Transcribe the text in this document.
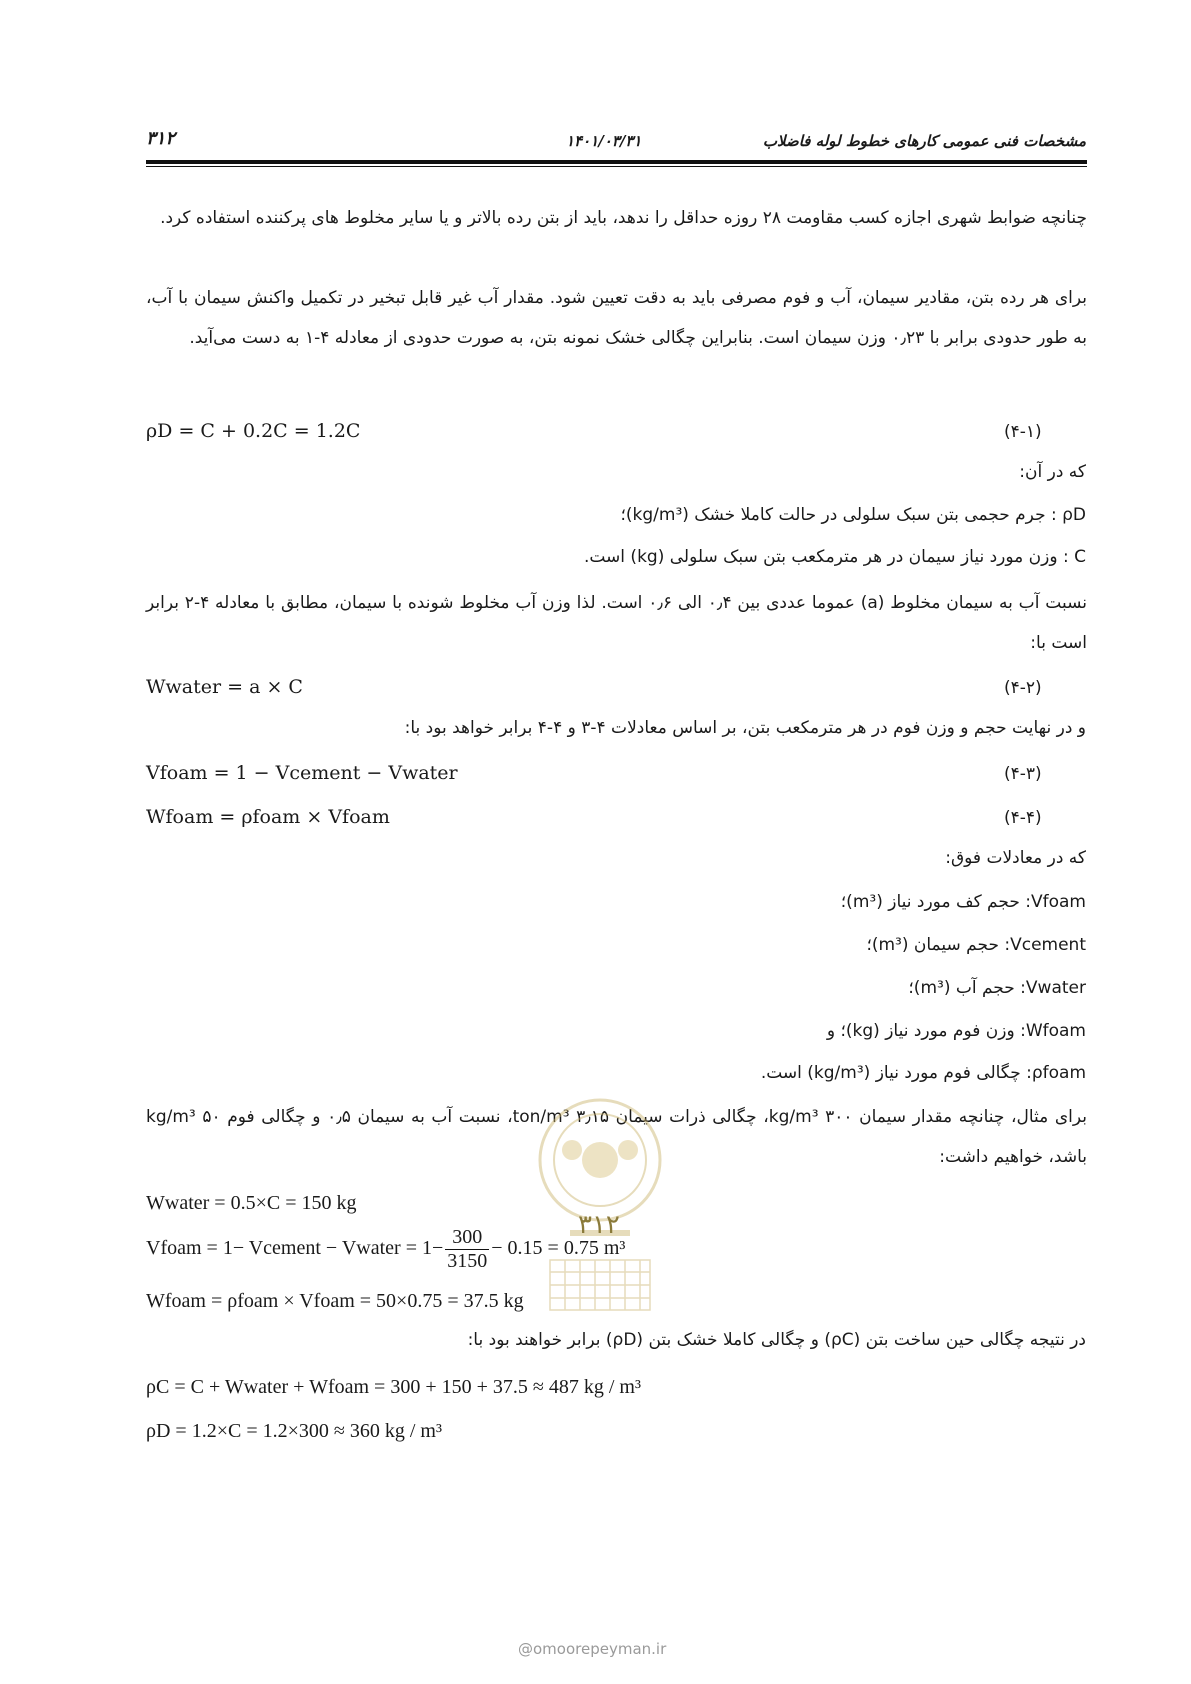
مشخصات فنی عمومی کارهای خطوط لوله فاضلاب
۱۴۰۱/۰۳/۳۱
۳۱۲
چنانچه ضوابط شهری اجازه کسب مقاومت ۲۸ روزه حداقل را ندهد، باید از بتن رده بالاتر و یا سایر مخلوط های پرکننده استفاده کرد.
برای هر رده بتن، مقادیر سیمان، آب و فوم مصرفی باید به دقت تعیین شود. مقدار آب غیر قابل تبخیر در تکمیل واکنش سیمان با آب، به طور حدودی برابر با ۰٫۲۳ وزن سیمان است. بنابراین چگالی خشک نمونه بتن، به صورت حدودی از معادله ۴-۱ به دست می‌آید.
ρD = C + 0.2C = 1.2C	(۴-۱)
که در آن:
ρD : جرم حجمی بتن سبک سلولی در حالت کاملا خشک (kg/m³)؛
C : وزن مورد نیاز سیمان در هر مترمکعب بتن سبک سلولی (kg) است.
نسبت آب به سیمان مخلوط (a) عموما عددی بین ۰٫۴ الی ۰٫۶ است. لذا وزن آب مخلوط شونده با سیمان، مطابق با معادله ۴-۲ برابر است با:
Wwater = a × C	(۴-۲)
و در نهایت حجم و وزن فوم در هر مترمکعب بتن، بر اساس معادلات ۴-۳ و ۴-۴ برابر خواهد بود با:
Vfoam = 1 − Vcement − Vwater	(۴-۳)
Wfoam = ρfoam × Vfoam	(۴-۴)
که در معادلات فوق:
Vfoam: حجم کف مورد نیاز (m³)؛
Vcement: حجم سیمان (m³)؛
Vwater: حجم آب (m³)؛
Wfoam: وزن فوم مورد نیاز (kg)؛ و
ρfoam: چگالی فوم مورد نیاز (kg/m³) است.
برای مثال، چنانچه مقدار سیمان ۳۰۰ kg/m³، چگالی ذرات سیمان ۳٫۱۵ ton/m³، نسبت آب به سیمان ۰٫۵ و چگالی فوم ۵۰ kg/m³ باشد، خواهیم داشت:
Wwater = 0.5×C = 150 kg
Vfoam = 1− Vcement − Vwater = $1- \frac{300}{3150} - 0.15 = 0.75$ m³
Wfoam = ρfoam × Vfoam = 50×0.75 = 37.5 kg
در نتیجه چگالی حین ساخت بتن (ρC) و چگالی کاملا خشک بتن (ρD) برابر خواهند بود با:
ρC = C + Wwater + Wfoam = 300 + 150 + 37.5 ≈ 487 kg / m³
ρD = 1.2×C = 1.2×300 ≈ 360 kg / m³
۳۱۲
@omoorepeyman.ir
